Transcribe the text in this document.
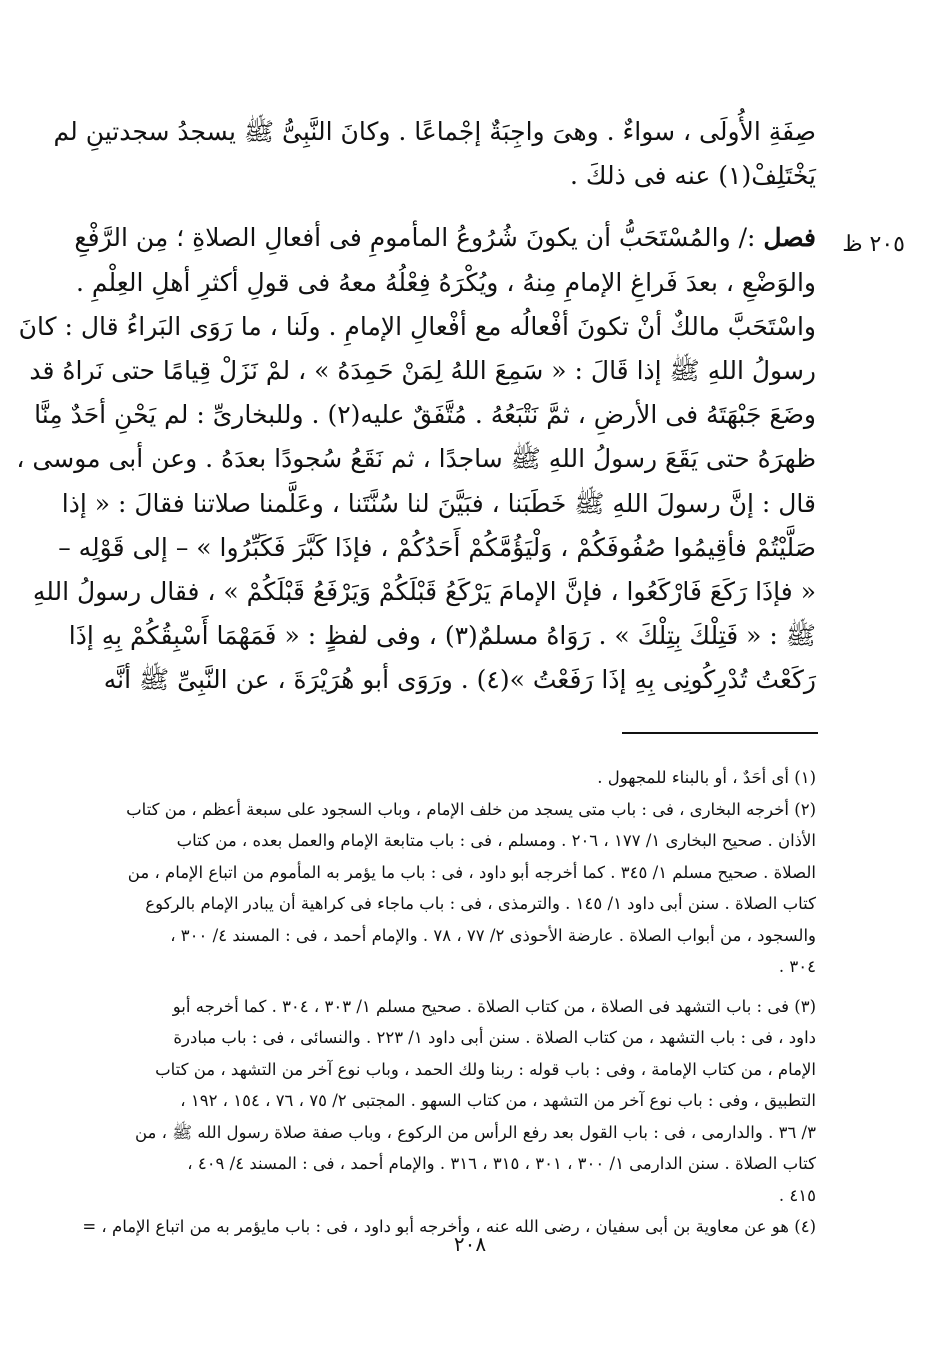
٢٠٥ ظ
صِفَةِ الأُولَى ، سواءٌ . وهىَ واجِبَةٌ إجْماعًا . وكانَ النَّبِىُّ ﷺ يسجدُ سجدتينِ لم
يَخْتَلِفْ(١) عنه فى ذلكَ .
فصل :/ والمُسْتَحَبُّ أن يكونَ شُرُوعُ المأمومِ فى أفعالِ الصلاةِ ؛ مِن الرَّفْعِ
والوَضْعِ ، بعدَ فَراغِ الإمامِ مِنهُ ، ويُكْرَهُ فِعْلُهُ معهُ فى قولِ أكثرِ أهلِ العِلْمِ .
واسْتَحَبَّ مالكٌ أنْ تكونَ أفْعالُه مع أفْعالِ الإمامِ . ولَنا ، ما رَوَى البَراءُ قال : كانَ
رسولُ اللهِ ﷺ إذا قَالَ : « سَمِعَ اللهُ لِمَنْ حَمِدَهُ » ، لمْ نَزَلْ قِيامًا حتى نَراهُ قد
وضَعَ جَبْهَتَهُ فى الأرضِ ، ثمَّ نَتْبَعُهُ . مُتَّفَقٌ عليه(٢) . وللبخارىِّ : لم يَحْنِ أحَدٌ مِنَّا
ظهرَهُ حتى يَقَعَ رسولُ اللهِ ﷺ ساجدًا ، ثم نَقَعُ سُجودًا بعدَهُ . وعن أبى موسى ،
قال : إنَّ رسولَ اللهِ ﷺ خَطَبَنا ، فبَيَّنَ لنا سُنَّتَنا ، وعَلَّمنا صلاتنا فقالَ : « إذا
صَلَّيْتُمْ فأقِيمُوا صُفُوفَكُمْ ، وَلْيَؤُمَّكُمْ أَحَدُكُمْ ، فإذَا كَبَّرَ فَكَبِّرُوا » – إلى قَوْلِه –
« فإذَا رَكَعَ فَارْكَعُوا ، فإنَّ الإمامَ يَرْكَعُ قَبْلَكُمْ وَيَرْفَعُ قَبْلَكُمْ » ، فقال رسولُ اللهِ
ﷺ : « فَتِلْكَ بِتِلْكَ » . رَوَاهُ مسلمٌ(٣) ، وفى لفظٍ : « فَمَهْمَا أَسْبِقُكُمْ بِهِ إذَا
رَكَعْتُ تُدْرِكُونِى بِهِ إذَا رَفَعْتُ »(٤) . ورَوَى أبو هُرَيْرَةَ ، عن النَّبِىِّ ﷺ أنَّه
(١) أى أحَدٌ ، أو بالبناء للمجهول .
(٢) أخرجه البخارى ، فى : باب متى يسجد من خلف الإمام ، وباب السجود على سبعة أعظم ، من كتاب
الأذان . صحيح البخارى ١/ ١٧٧ ، ٢٠٦ . ومسلم ، فى : باب متابعة الإمام والعمل بعده ، من كتاب
الصلاة . صحيح مسلم ١/ ٣٤٥ . كما أخرجه أبو داود ، فى : باب ما يؤمر به المأموم من اتباع الإمام ، من
كتاب الصلاة . سنن أبى داود ١/ ١٤٥ . والترمذى ، فى : باب ماجاء فى كراهية أن يبادر الإمام بالركوع
والسجود ، من أبواب الصلاة . عارضة الأحوذى ٢/ ٧٧ ، ٧٨ . والإمام أحمد ، فى : المسند ٤/ ٣٠٠ ،
٣٠٤ .
(٣) فى : باب التشهد فى الصلاة ، من كتاب الصلاة . صحيح مسلم ١/ ٣٠٣ ، ٣٠٤ . كما أخرجه أبو
داود ، فى : باب التشهد ، من كتاب الصلاة . سنن أبى داود ١/ ٢٢٣ . والنسائى ، فى : باب مبادرة
الإمام ، من كتاب الإمامة ، وفى : باب قوله : ربنا ولك الحمد ، وباب نوع آخر من التشهد ، من كتاب
التطبيق ، وفى : باب نوع آخر من التشهد ، من كتاب السهو . المجتبى ٢/ ٧٥ ، ٧٦ ، ١٥٤ ، ١٩٢ ،
٣/ ٣٦ . والدارمى ، فى : باب القول بعد رفع الرأس من الركوع ، وباب صفة صلاة رسول الله ﷺ ، من
كتاب الصلاة . سنن الدارمى ١/ ٣٠٠ ، ٣٠١ ، ٣١٥ ، ٣١٦ . والإمام أحمد ، فى : المسند ٤/ ٤٠٩ ،
٤١٥ .
(٤) هو عن معاوية بن أبى سفيان ، رضى الله عنه ، وأخرجه أبو داود ، فى : باب مايؤمر به من اتباع الإمام ، =
٢٠٨
